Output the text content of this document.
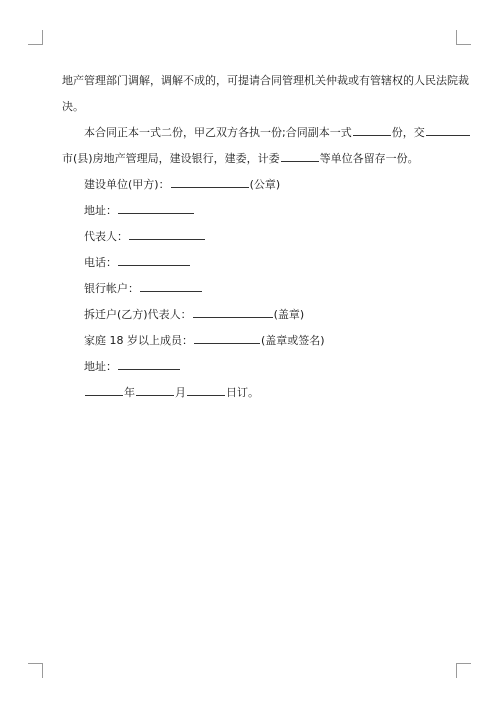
地产管理部门调解，调解不成的，可提请合同管理机关仲裁或有管辖权的人民法院裁
决。
本合同正本一式二份，甲乙双方各执一份;合同副本一式	份，交
市(县)房地产管理局，建设银行，建委，计委	等单位各留存一份。
建设单位(甲方)：	(公章)
地址：
代表人：
电话：
银行帐户：
拆迁户(乙方)代表人：	(盖章)
家庭 18 岁以上成员：	(盖章或签名)
地址：
年	月	日订。
